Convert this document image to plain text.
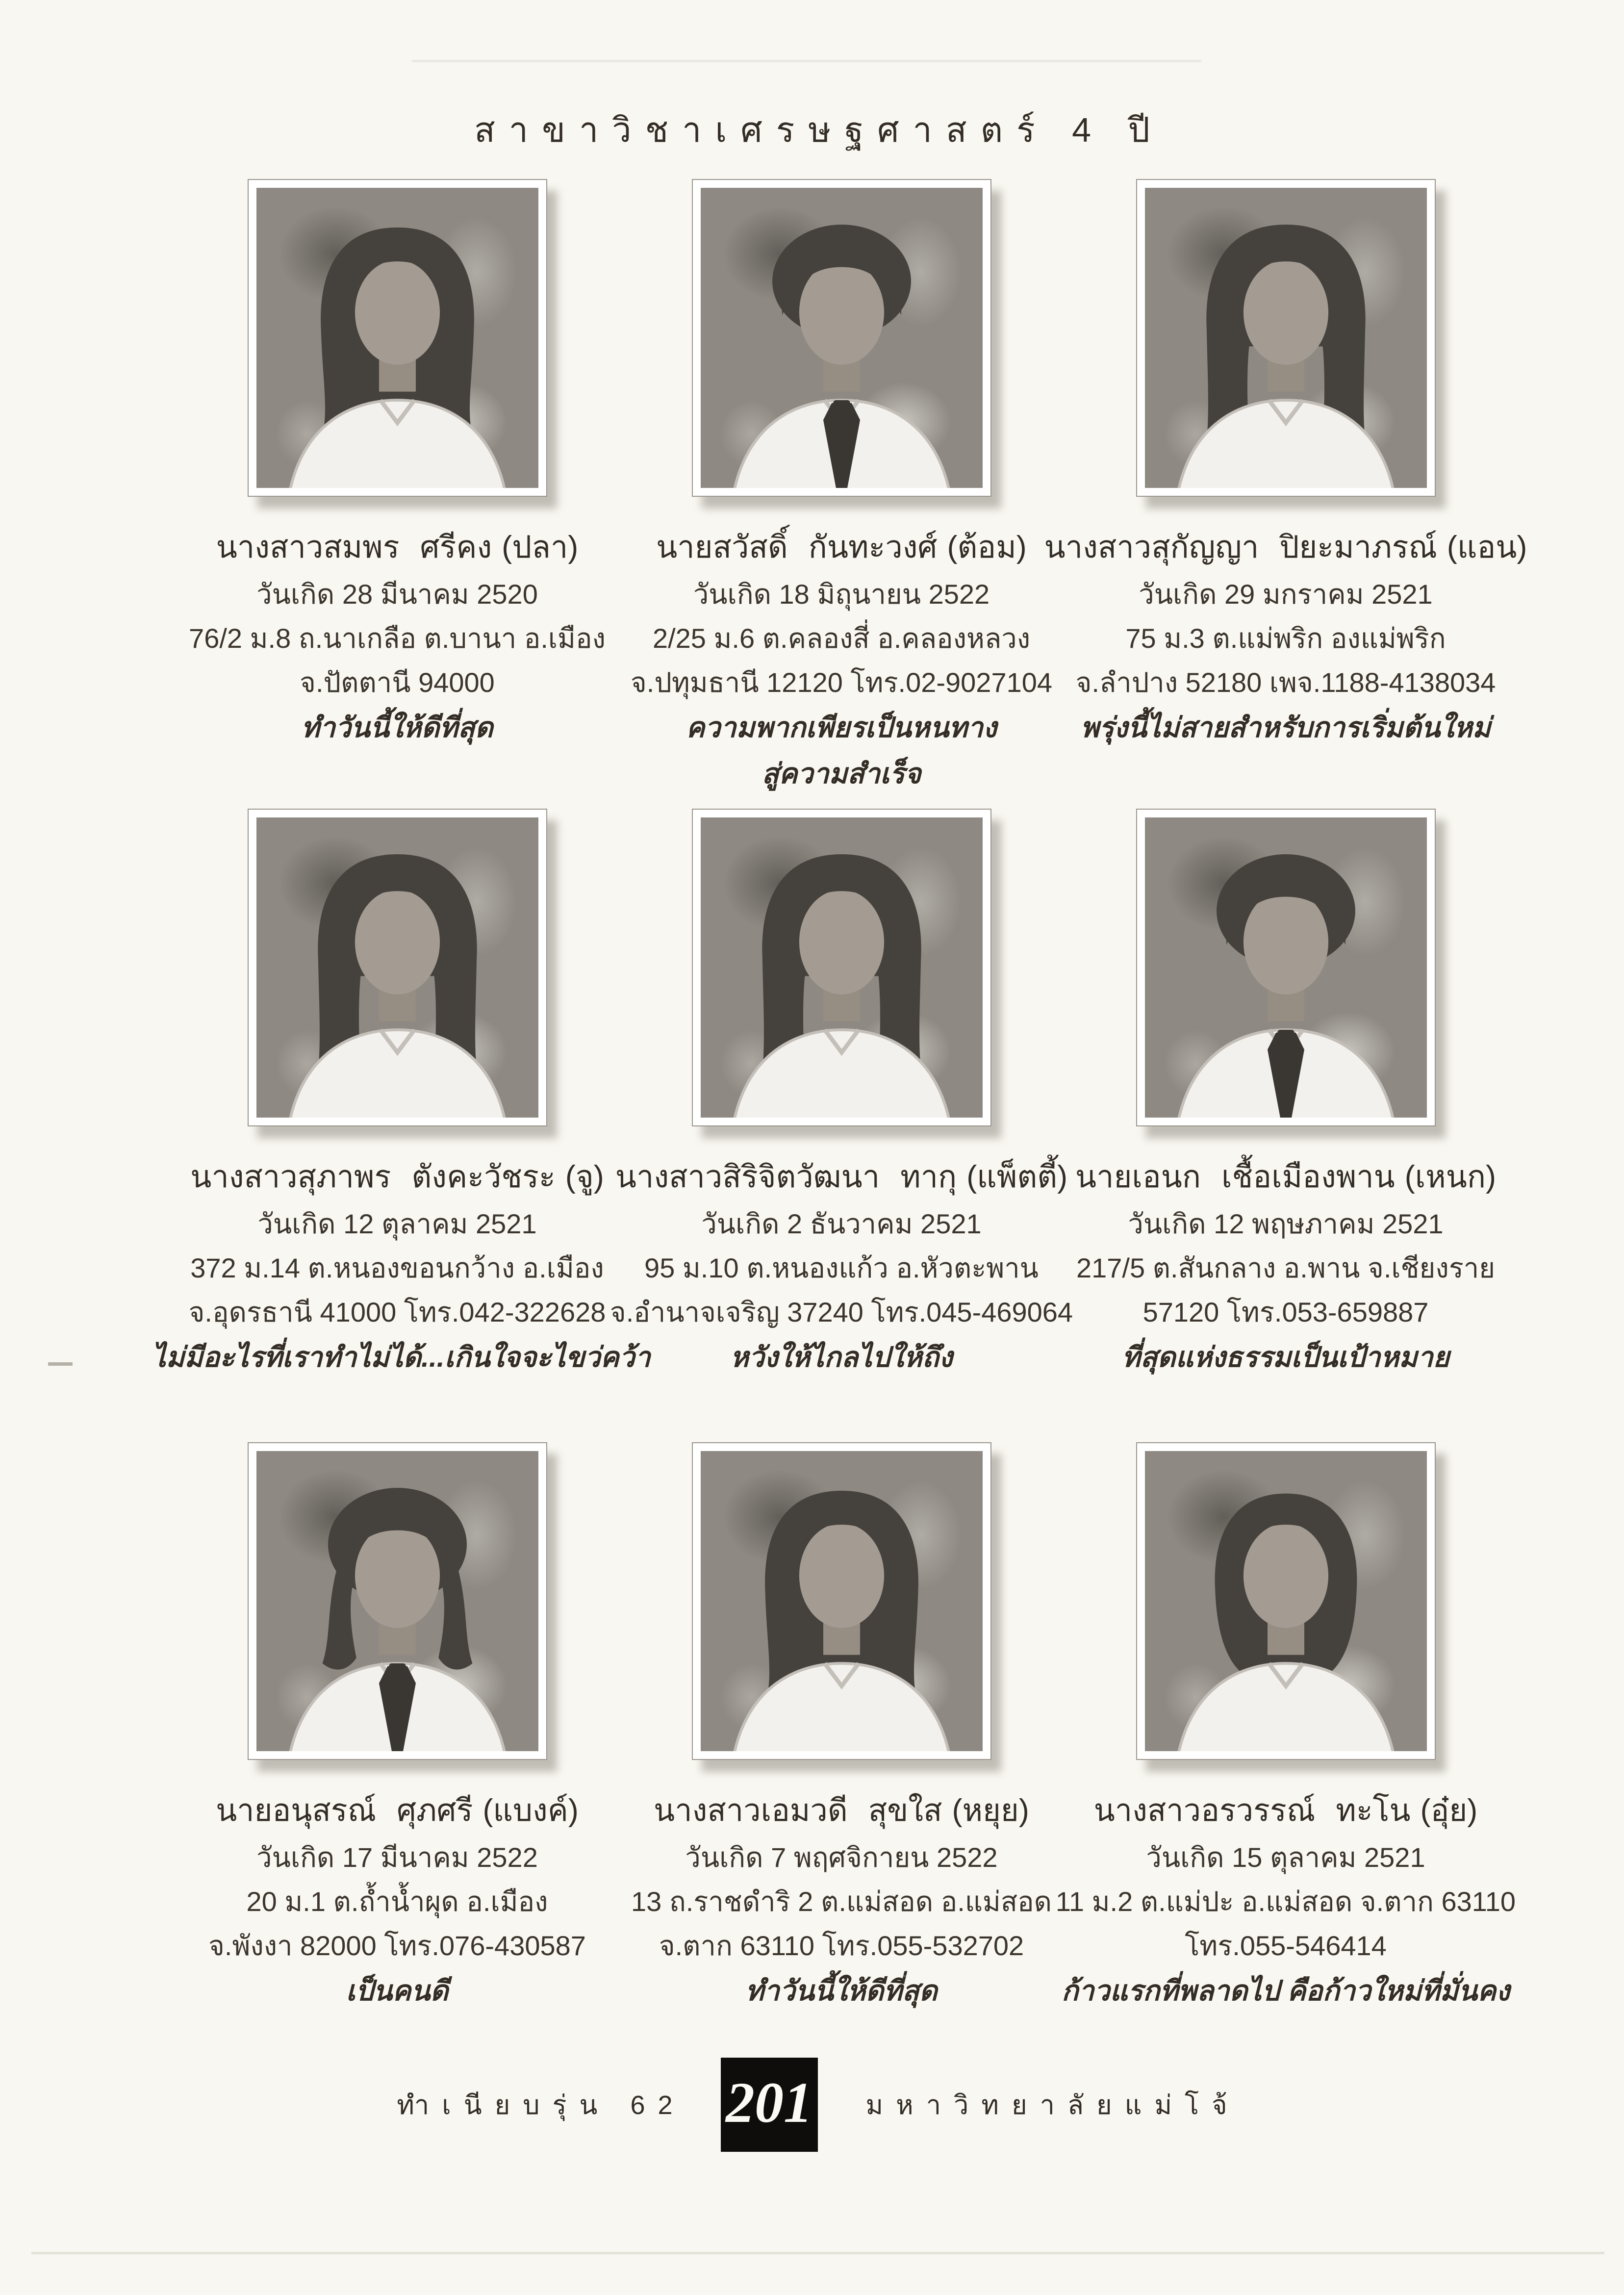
สาขาวิชาเศรษฐศาสตร์ 4 ปี
นางสาวสมพร ศรีคง (ปลา)
วันเกิด 28 มีนาคม 2520
76/2 ม.8 ถ.นาเกลือ ต.บานา อ.เมือง
จ.ปัตตานี 94000
ทำวันนี้ให้ดีที่สุด
นายสวัสดิ์ กันทะวงศ์ (ต้อม)
วันเกิด 18 มิถุนายน 2522
2/25 ม.6 ต.คลองสี่ อ.คลองหลวง
จ.ปทุมธานี 12120 โทร.02-9027104
ความพากเพียรเป็นหนทาง
สู่ความสำเร็จ
นางสาวสุกัญญา ปิยะมาภรณ์ (แอน)
วันเกิด 29 มกราคม 2521
75 ม.3 ต.แม่พริก องแม่พริก
จ.ลำปาง 52180 เพจ.1188-4138034
พรุ่งนี้ไม่สายสำหรับการเริ่มต้นใหม่
นางสาวสุภาพร ตังคะวัชระ (จู)
วันเกิด 12 ตุลาคม 2521
372 ม.14 ต.หนองขอนกว้าง อ.เมือง
จ.อุดรธานี 41000 โทร.042-322628
ไม่มีอะไรที่เราทำไม่ได้...เกินใจจะไขว่คว้า
นางสาวสิริจิตวัฒนา ทากุ (แพ็ตตี้)
วันเกิด 2 ธันวาคม 2521
95 ม.10 ต.หนองแก้ว อ.หัวตะพาน
จ.อำนาจเจริญ 37240 โทร.045-469064
หวังให้ไกลไปให้ถึง
นายเอนก เชื้อเมืองพาน (เหนก)
วันเกิด 12 พฤษภาคม 2521
217/5 ต.สันกลาง อ.พาน จ.เชียงราย
57120 โทร.053-659887
ที่สุดแห่งธรรมเป็นเป้าหมาย
นายอนุสรณ์ ศุภศรี (แบงค์)
วันเกิด 17 มีนาคม 2522
20 ม.1 ต.ถ้ำน้ำผุด อ.เมือง
จ.พังงา 82000 โทร.076-430587
เป็นคนดี
นางสาวเอมวดี สุขใส (หยุย)
วันเกิด 7 พฤศจิกายน 2522
13 ถ.ราชดำริ 2 ต.แม่สอด อ.แม่สอด
จ.ตาก 63110 โทร.055-532702
ทำวันนี้ให้ดีที่สุด
นางสาวอรวรรณ์ ทะโน (อุ๋ย)
วันเกิด 15 ตุลาคม 2521
11 ม.2 ต.แม่ปะ อ.แม่สอด จ.ตาก 63110
โทร.055-546414
ก้าวแรกที่พลาดไป คือก้าวใหม่ที่มั่นคง
ทำเนียบรุ่น 62 201	มหาวิทยาลัยแม่โจ้
